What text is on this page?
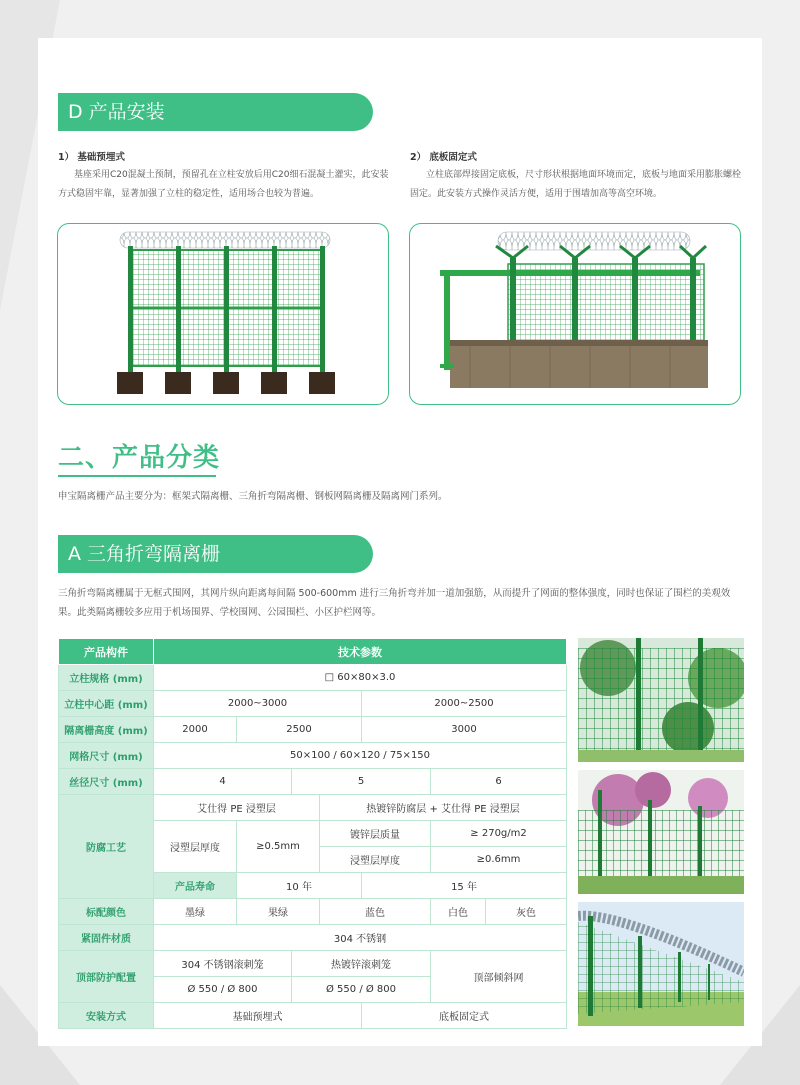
D 产品安装
1） 基础预埋式
基座采用C20混凝土预制，预留孔在立柱安放后用C20细石混凝土灌实，此安装方式稳固牢靠，显著加强了立柱的稳定性，适用场合也较为普遍。
2） 底板固定式
立柱底部焊接固定底板，尺寸形状根据地面环境而定，底板与地面采用膨胀螺栓固定。此安装方式操作灵活方便，适用于围墙加高等高空环境。
二、产品分类
申宝隔离栅产品主要分为：框架式隔离栅、三角折弯隔离栅、钢板网隔离栅及隔离网门系列。
A 三角折弯隔离栅
三角折弯隔离栅属于无框式围网，其网片纵向距离每间隔 500-600mm 进行三角折弯并加一道加强筋，从而提升了网面的整体强度，同时也保证了围栏的美观效果。此类隔离栅较多应用于机场围界、学校围网、公园围栏、小区护栏网等。
产品构件	技术参数						
立柱规格 (mm)	□ 60×80×3.0						
立柱中心距 (mm)	2000~3000				2000~2500		
隔离栅高度 (mm)	2000	2500			3000		
网格尺寸 (mm)	50×100 / 60×120 / 75×150						
丝径尺寸 (mm)	4		5			6	
防腐工艺	艾仕得 PE 浸塑层			热镀锌防腐层 + 艾仕得 PE 浸塑层			
	浸塑层厚度	≥0.5mm		镀锌层质量		≥ 270g/m2	
				浸塑层厚度		≥0.6mm	
	产品寿命	10 年			15 年		
标配颜色	墨绿	果绿		蓝色		白色	灰色
紧固件材质	304 不锈钢						
顶部防护配置	304 不锈钢滚刺笼		热镀锌滚刺笼			顶部倾斜网	
	Ø 550 / Ø 800		Ø 550 / Ø 800				
安装方式	基础预埋式				底板固定式		
